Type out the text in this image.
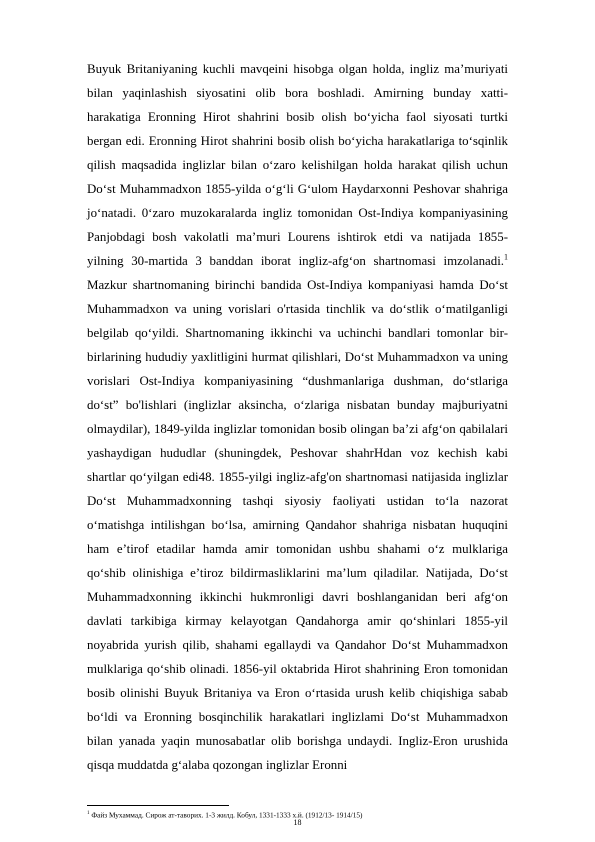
Buyuk Britaniyaning kuchli mavqeini hisobga olgan holda, ingliz ma’muriyati bilan yaqinlashish siyosatini olib bora boshladi. Amirning bunday xatti-harakatiga Eronning Hirot shahrini bosib olish bo‘yicha faol siyosati turtki bergan edi. Eronning Hirot shahrini bosib olish bo‘yicha harakatlariga to‘sqinlik qilish maqsadida inglizlar bilan o‘zaro kelishilgan holda harakat qilish uchun Do‘st Muhammadxon 1855-yilda o‘g‘li G‘ulom Haydarxonni Peshovar shahriga jo‘natadi. 0‘zaro muzokaralarda ingliz tomonidan Ost-Indiya kompaniyasining Panjobdagi bosh vakolatli ma’muri Lourens ishtirok etdi va natijada 1855-yilning 30-martida 3 banddan iborat ingliz-afg‘on shartnomasi imzolanadi.$^1$ Mazkur shartnomaning birinchi bandida Ost-Indiya kompaniyasi hamda Do‘st Muhammadxon va uning vorislari o'rtasida tinchlik va do‘stlik o‘matilganligi belgilab qo‘yildi. Shartnomaning ikkinchi va uchinchi bandlari tomonlar bir-birlarining hududiy yaxlitligini hurmat qilishlari, Do‘st Muhammadxon va uning vorislari Ost-Indiya kompaniyasining “dushmanlariga dushman, do‘stlariga do‘st” bo'lishlari (inglizlar aksincha, o‘zlariga nisbatan bunday majburiyatni olmaydilar), 1849-yilda inglizlar tomonidan bosib olingan ba’zi afg‘on qabilalari yashaydigan hududlar (shuningdek, Peshovar shahrHdan voz kechish kabi shartlar qo‘yilgan edi48. 1855-yilgi ingliz-afg'on shartnomasi natijasida inglizlar Do‘st Muhammadxonning tashqi siyosiy faoliyati ustidan to‘la nazorat o‘matishga intilishgan bo‘lsa, amirning Qandahor shahriga nisbatan huquqini ham e’tirof etadilar hamda amir tomonidan ushbu shahami o‘z mulklariga qo‘shib olinishiga e’tiroz bildirmasliklarini ma’lum qiladilar. Natijada, Do‘st Muhammadxonning ikkinchi hukmronligi davri boshlanganidan beri afg‘on davlati tarkibiga kirmay kelayotgan Qandahorga amir qo‘shinlari 1855-yil noyabrida yurish qilib, shahami egallaydi va Qandahor Do‘st Muhammadxon mulklariga qo‘shib olinadi. 1856-yil oktabrida Hirot shahrining Eron tomonidan bosib olinishi Buyuk Britaniya va Eron o‘rtasida urush kelib chiqishiga sabab bo‘ldi va Eronning bosqinchilik harakatlari inglizlami Do‘st Muhammadxon bilan yanada yaqin munosabatlar olib borishga undaydi. Ingliz-Eron urushida qisqa muddatda g‘alaba qozongan inglizlar Eronni

$^1$ Файз Мухаммад. Сирож ат-таворих. 1-3 жилд. Кобул, 1331-1333 х.й. (1912/13- 1914/15)
18
